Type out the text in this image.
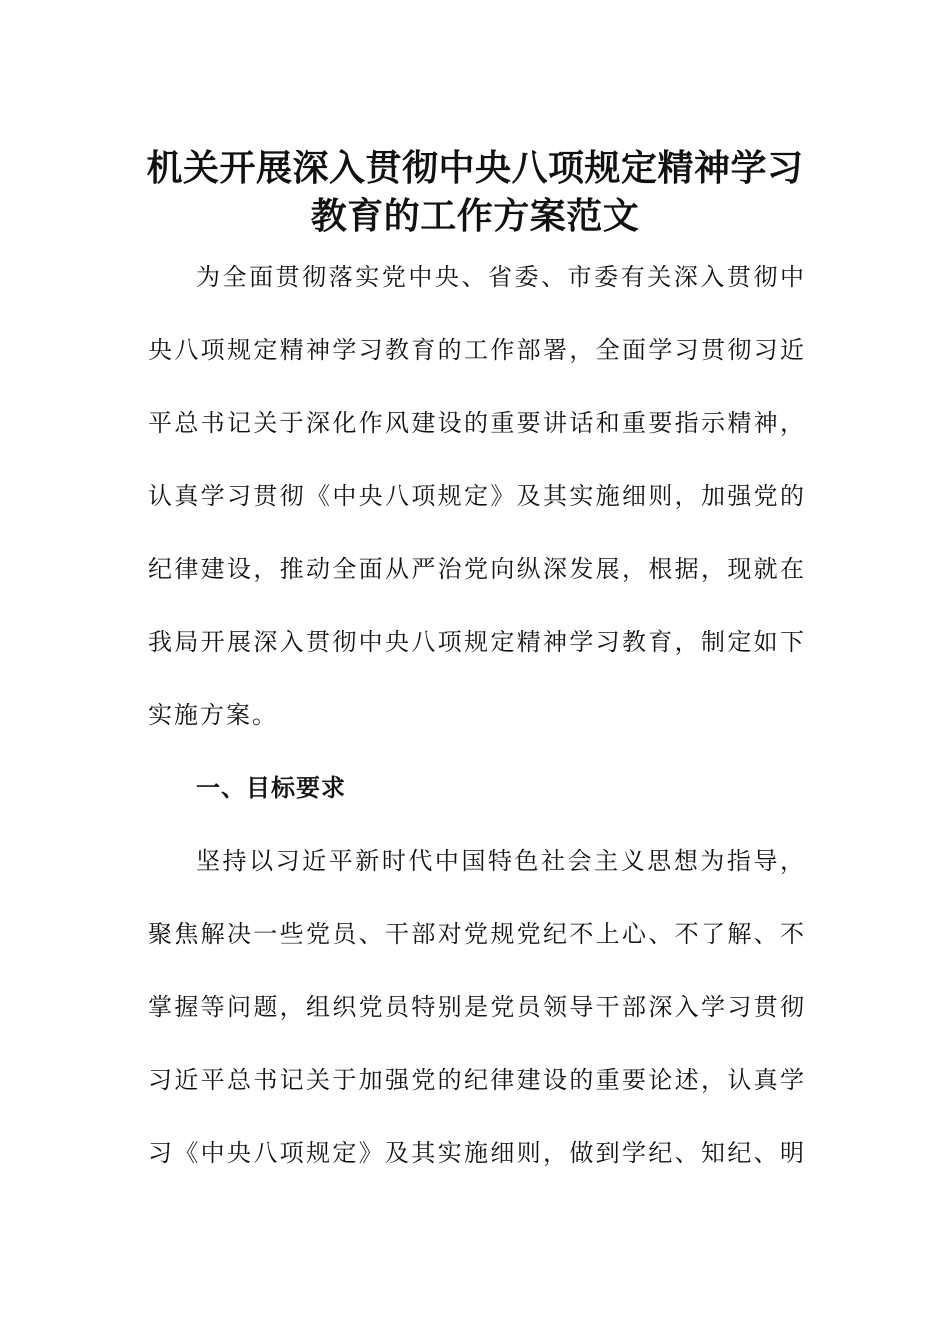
机关开展深入贯彻中央八项规定精神学习
教育的工作方案范文
为全面贯彻落实党中央、省委、市委有关深入贯彻中
央八项规定精神学习教育的工作部署，全面学习贯彻习近
平总书记关于深化作风建设的重要讲话和重要指示精神，
认真学习贯彻《中央八项规定》及其实施细则，加强党的
纪律建设，推动全面从严治党向纵深发展，根据，现就在
我局开展深入贯彻中央八项规定精神学习教育，制定如下
实施方案。
一、目标要求
坚持以习近平新时代中国特色社会主义思想为指导，
聚焦解决一些党员、干部对党规党纪不上心、不了解、不
掌握等问题，组织党员特别是党员领导干部深入学习贯彻
习近平总书记关于加强党的纪律建设的重要论述，认真学
习《中央八项规定》及其实施细则，做到学纪、知纪、明
